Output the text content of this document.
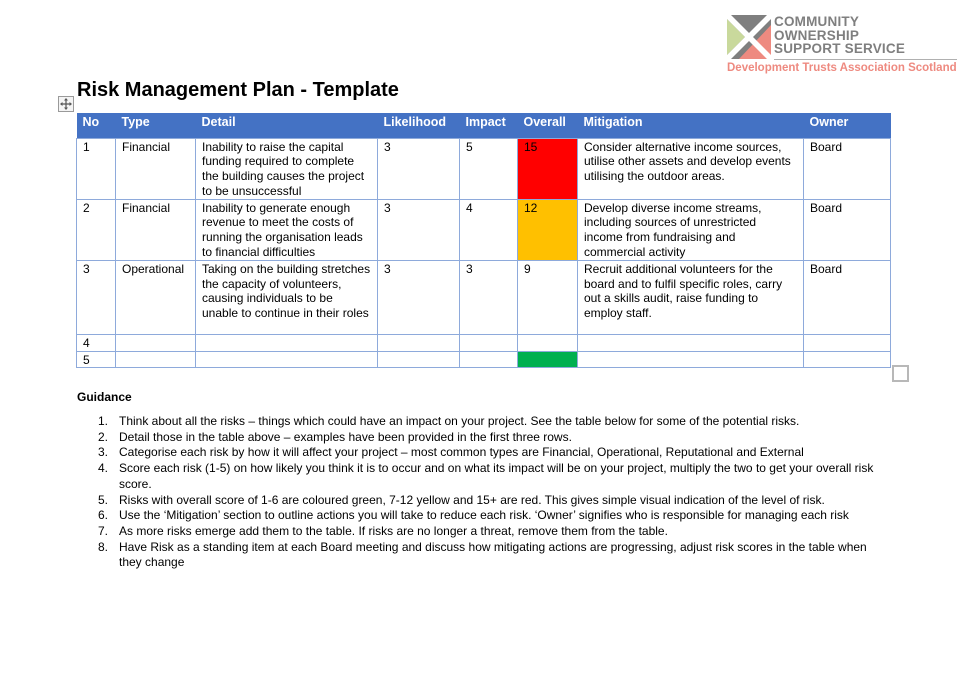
COMMUNITY
OWNERSHIP
SUPPORT SERVICE
Development Trusts Association Scotland
Risk Management Plan - Template
No	Type	Detail	Likelihood	Impact	Overall	Mitigation	Owner
1	Financial	Inability to raise the capital funding required to complete the building causes the project to be unsuccessful	3	5	15	Consider alternative income sources, utilise other assets and develop events utilising the outdoor areas.	Board
2	Financial	Inability to generate enough revenue to meet the costs of running the organisation leads to financial difficulties	3	4	12	Develop diverse income streams, including sources of unrestricted income from fundraising and commercial activity	Board
3	Operational	Taking on the building stretches the capacity of volunteers, causing individuals to be unable to continue in their roles	3	3	9	Recruit additional volunteers for the board and to fulfil specific roles, carry out a skills audit, raise funding to employ staff.	Board
4							
5							
Guidance
1. Think about all the risks – things which could have an impact on your project. See the table below for some of the potential risks.
2. Detail those in the table above – examples have been provided in the first three rows.
3. Categorise each risk by how it will affect your project – most common types are Financial, Operational, Reputational and External
4. Score each risk (1-5) on how likely you think it is to occur and on what its impact will be on your project, multiply the two to get your overall risk score.
5. Risks with overall score of 1-6 are coloured green, 7-12 yellow and 15+ are red. This gives simple visual indication of the level of risk.
6. Use the ‘Mitigation’ section to outline actions you will take to reduce each risk. ‘Owner’ signifies who is responsible for managing each risk
7. As more risks emerge add them to the table. If risks are no longer a threat, remove them from the table.
8. Have Risk as a standing item at each Board meeting and discuss how mitigating actions are progressing, adjust risk scores in the table when they change
